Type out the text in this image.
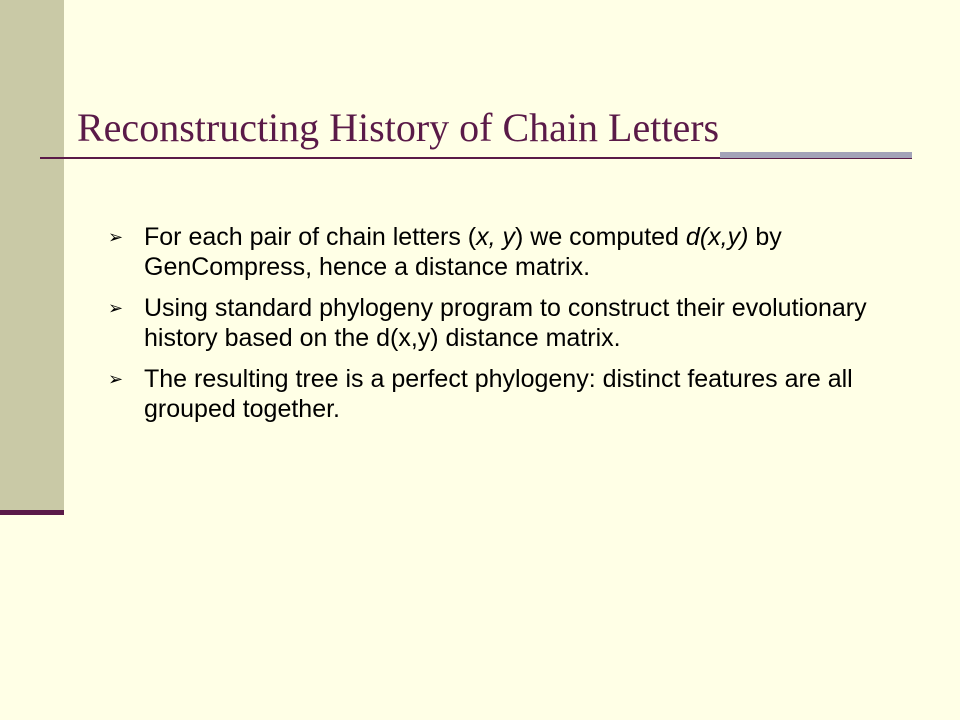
Reconstructing History of Chain Letters
➢ For each pair of chain letters (x, y) we computed d(x,y) by GenCompress, hence a distance matrix.
➢ Using standard phylogeny program to construct their evolutionary history based on the d(x,y) distance matrix.
➢ The resulting tree is a perfect phylogeny: distinct features are all grouped together.
